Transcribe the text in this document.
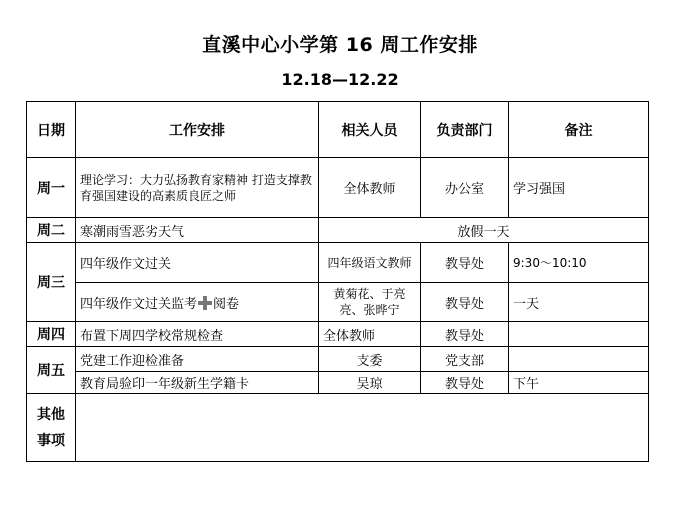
直溪中心小学第 16 周工作安排
12.18—12.22
日期	工作安排	相关人员	负责部门	备注
周一	理论学习：大力弘扬教育家精神 打造支撑教育强国建设的高素质良匠之师	全体教师	办公室	学习强国
周二	寒潮雨雪恶劣天气	放假一天		
周三	四年级作文过关	四年级语文教师	教导处	9:30～10:10
	四年级作文过关监考 阅卷	黄菊花、于亮亮、张晔宁	教导处	一天
周四	布置下周四学校常规检查	全体教师	教导处	
周五	党建工作迎检准备	支委	党支部	
	教育局验印一年级新生学籍卡	吴琼	教导处	下午

其他
事项				
